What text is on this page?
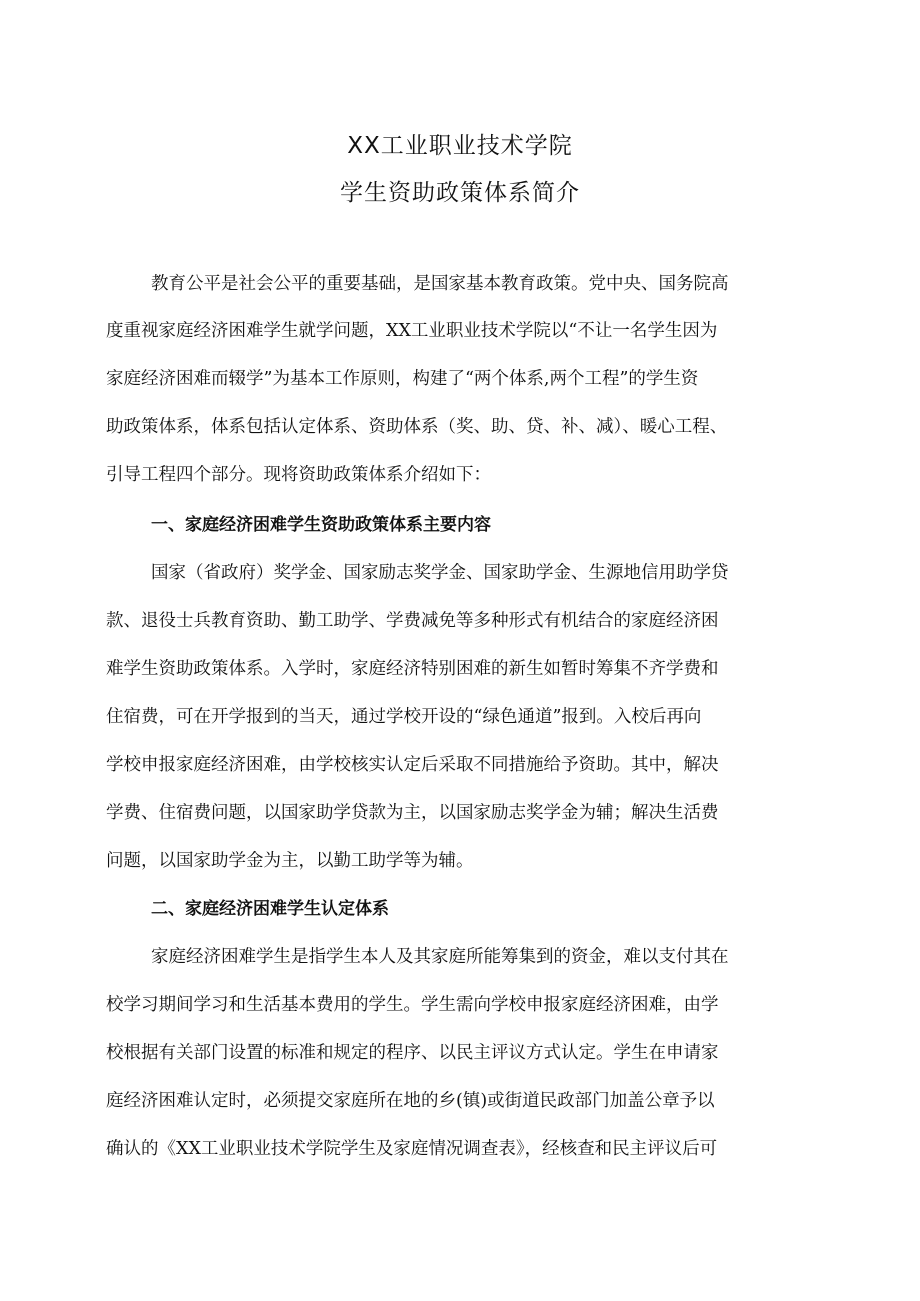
XX工业职业技术学院
学生资助政策体系简介
教育公平是社会公平的重要基础，是国家基本教育政策。党中央、国务院高
度重视家庭经济困难学生就学问题，XX工业职业技术学院以“不让一名学生因为
家庭经济困难而辍学”为基本工作原则，构建了“两个体系,两个工程”的学生资
助政策体系，体系包括认定体系、资助体系（奖、助、贷、补、减）、暖心工程、
引导工程四个部分。现将资助政策体系介绍如下：
一、家庭经济困难学生资助政策体系主要内容
国家（省政府）奖学金、国家励志奖学金、国家助学金、生源地信用助学贷
款、退役士兵教育资助、勤工助学、学费减免等多种形式有机结合的家庭经济困
难学生资助政策体系。入学时，家庭经济特别困难的新生如暂时筹集不齐学费和
住宿费，可在开学报到的当天，通过学校开设的“绿色通道”报到。入校后再向
学校申报家庭经济困难，由学校核实认定后采取不同措施给予资助。其中，解决
学费、住宿费问题，以国家助学贷款为主，以国家励志奖学金为辅；解决生活费
问题，以国家助学金为主，以勤工助学等为辅。
二、家庭经济困难学生认定体系
家庭经济困难学生是指学生本人及其家庭所能筹集到的资金，难以支付其在
校学习期间学习和生活基本费用的学生。学生需向学校申报家庭经济困难，由学
校根据有关部门设置的标准和规定的程序、以民主评议方式认定。学生在申请家
庭经济困难认定时，必须提交家庭所在地的乡(镇)或街道民政部门加盖公章予以
确认的《XX工业职业技术学院学生及家庭情况调查表》，经核查和民主评议后可
